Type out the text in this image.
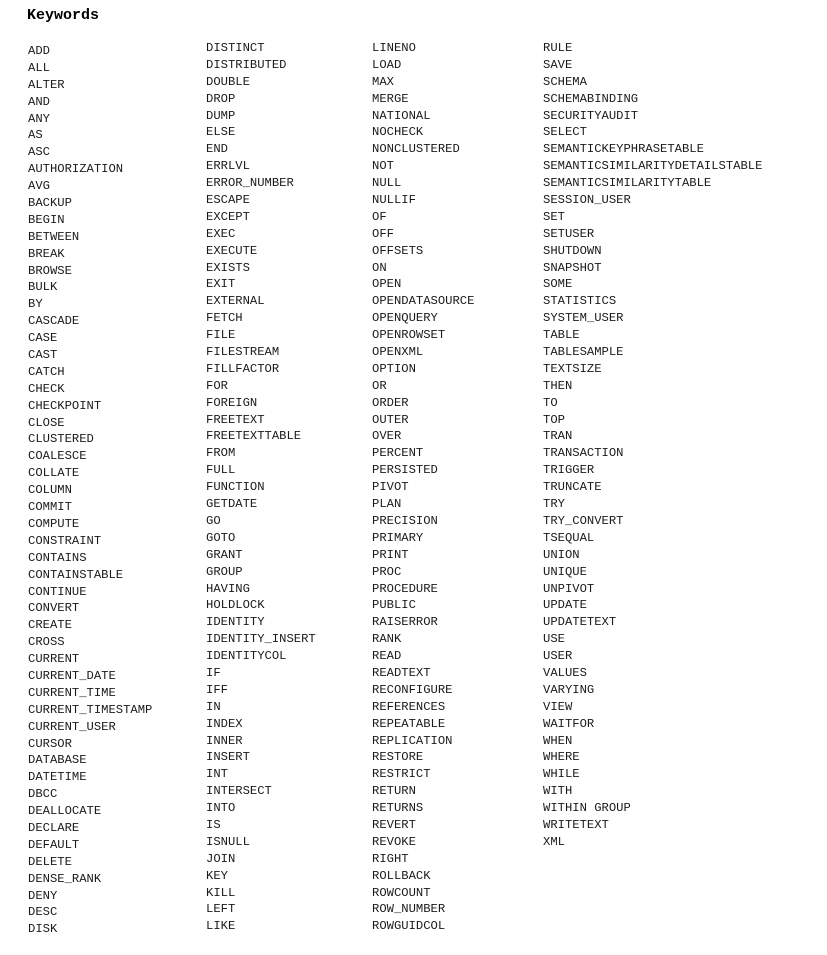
Keywords
ADD
ALL
ALTER
AND
ANY
AS
ASC
AUTHORIZATION
AVG
BACKUP
BEGIN
BETWEEN
BREAK
BROWSE
BULK
BY
CASCADE
CASE
CAST
CATCH
CHECK
CHECKPOINT
CLOSE
CLUSTERED
COALESCE
COLLATE
COLUMN
COMMIT
COMPUTE
CONSTRAINT
CONTAINS
CONTAINSTABLE
CONTINUE
CONVERT
CREATE
CROSS
CURRENT
CURRENT_DATE
CURRENT_TIME
CURRENT_TIMESTAMP
CURRENT_USER
CURSOR
DATABASE
DATETIME
DBCC
DEALLOCATE
DECLARE
DEFAULT
DELETE
DENSE_RANK
DENY
DESC
DISK
DISTINCT
DISTRIBUTED
DOUBLE
DROP
DUMP
ELSE
END
ERRLVL
ERROR_NUMBER
ESCAPE
EXCEPT
EXEC
EXECUTE
EXISTS
EXIT
EXTERNAL
FETCH
FILE
FILESTREAM
FILLFACTOR
FOR
FOREIGN
FREETEXT
FREETEXTTABLE
FROM
FULL
FUNCTION
GETDATE
GO
GOTO
GRANT
GROUP
HAVING
HOLDLOCK
IDENTITY
IDENTITY_INSERT
IDENTITYCOL
IF
IFF
IN
INDEX
INNER
INSERT
INT
INTERSECT
INTO
IS
ISNULL
JOIN
KEY
KILL
LEFT
LIKE
LINENO
LOAD
MAX
MERGE
NATIONAL
NOCHECK
NONCLUSTERED
NOT
NULL
NULLIF
OF
OFF
OFFSETS
ON
OPEN
OPENDATASOURCE
OPENQUERY
OPENROWSET
OPENXML
OPTION
OR
ORDER
OUTER
OVER
PERCENT
PERSISTED
PIVOT
PLAN
PRECISION
PRIMARY
PRINT
PROC
PROCEDURE
PUBLIC
RAISERROR
RANK
READ
READTEXT
RECONFIGURE
REFERENCES
REPEATABLE
REPLICATION
RESTORE
RESTRICT
RETURN
RETURNS
REVERT
REVOKE
RIGHT
ROLLBACK
ROWCOUNT
ROW_NUMBER
ROWGUIDCOL
RULE
SAVE
SCHEMA
SCHEMABINDING
SECURITYAUDIT
SELECT
SEMANTICKEYPHRASETABLE
SEMANTICSIMILARITYDETAILSTABLE
SEMANTICSIMILARITYTABLE
SESSION_USER
SET
SETUSER
SHUTDOWN
SNAPSHOT
SOME
STATISTICS
SYSTEM_USER
TABLE
TABLESAMPLE
TEXTSIZE
THEN
TO
TOP
TRAN
TRANSACTION
TRIGGER
TRUNCATE
TRY
TRY_CONVERT
TSEQUAL
UNION
UNIQUE
UNPIVOT
UPDATE
UPDATETEXT
USE
USER
VALUES
VARYING
VIEW
WAITFOR
WHEN
WHERE
WHILE
WITH
WITHIN GROUP
WRITETEXT
XML
